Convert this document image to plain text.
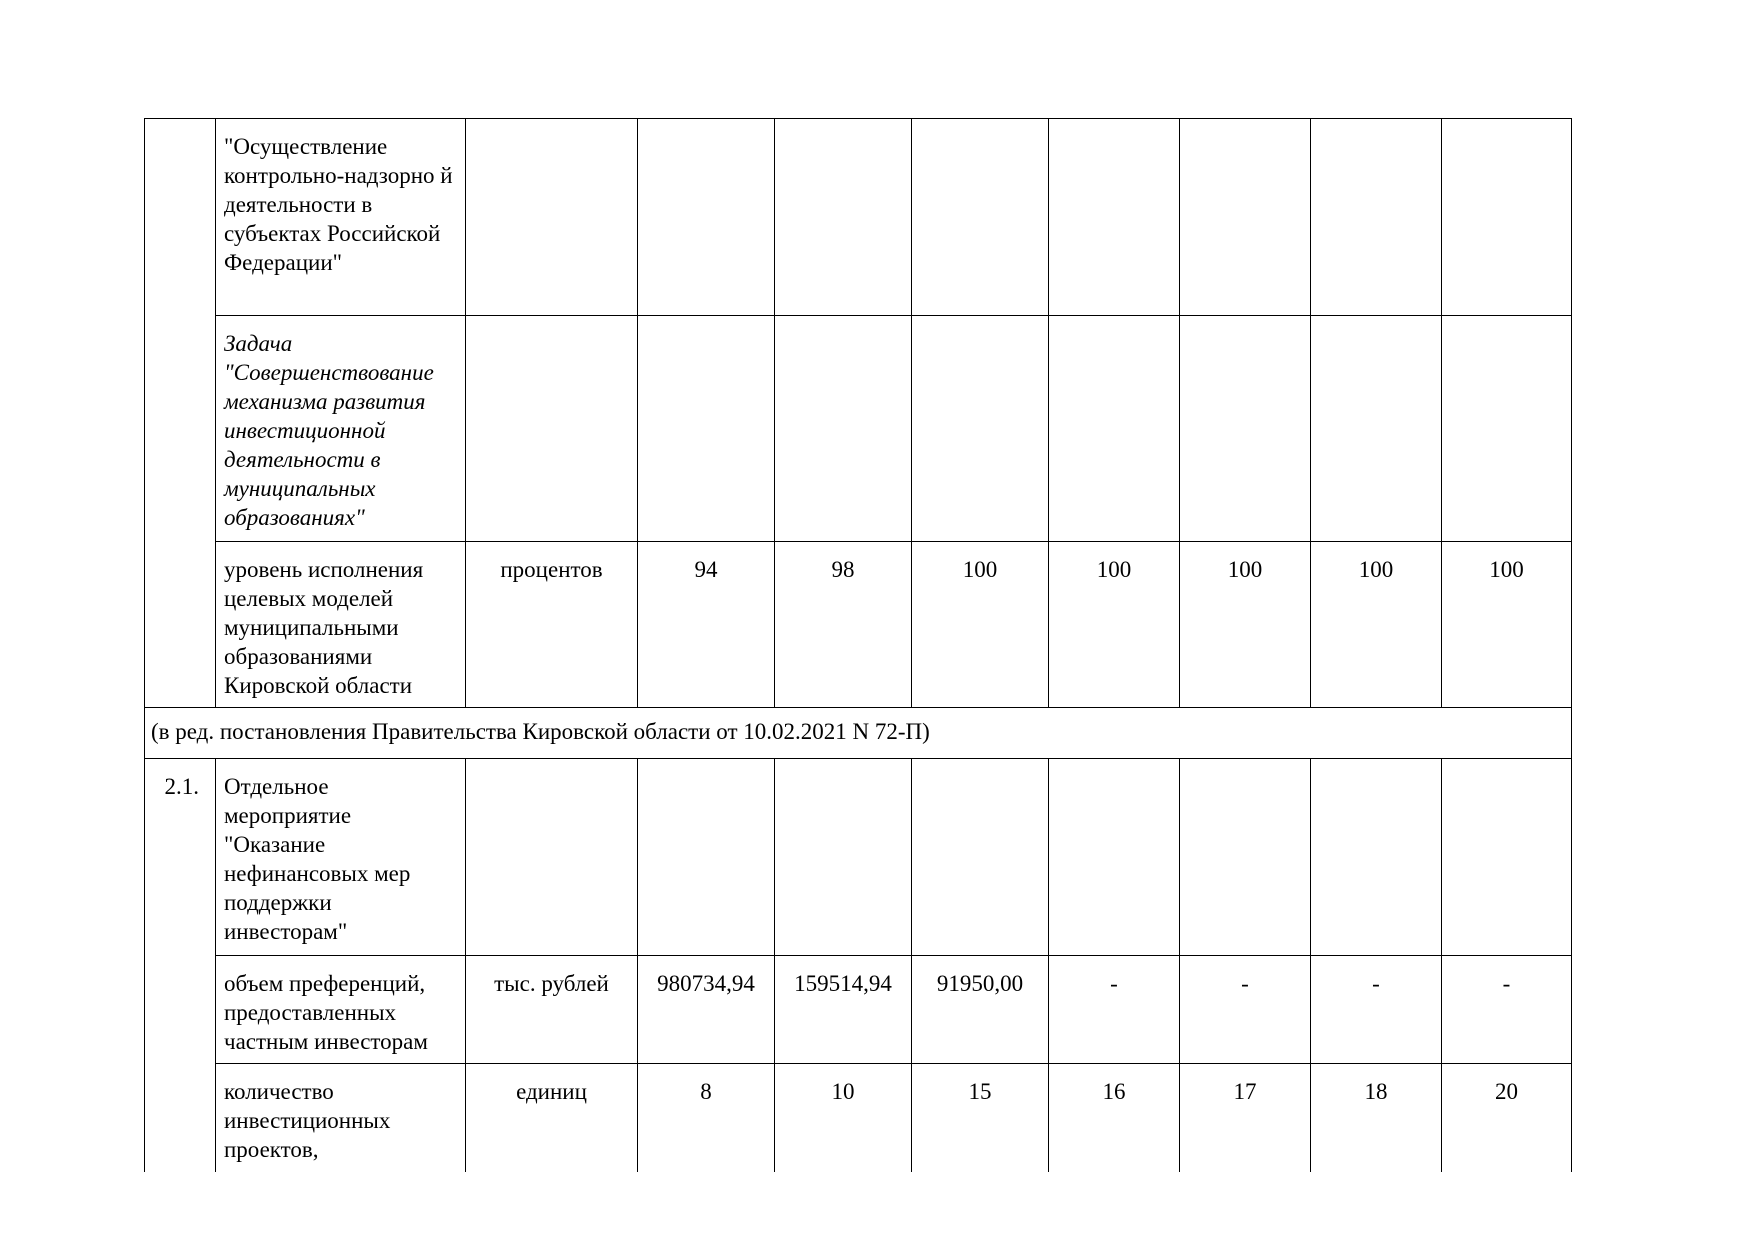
	"Осуществление контрольно-надзорно й деятельности в субъектах Российской Федерации"								
	Задача "Совершенствование механизма развития инвестиционной деятельности в муниципальных образованиях"								
	уровень исполнения целевых моделей муниципальными образованиями Кировской области	процентов	94	98	100	100	100	100	100
(в ред. постановления Правительства Кировской области от 10.02.2021 N 72-П)									
2.1.	Отдельное мероприятие "Оказание нефинансовых мер поддержки инвесторам"								
	объем преференций, предоставленных частным инвесторам	тыс. рублей	980734,94	159514,94	91950,00	-	-	-	-
	количество инвестиционных проектов,	единиц	8	10	15	16	17	18	20
